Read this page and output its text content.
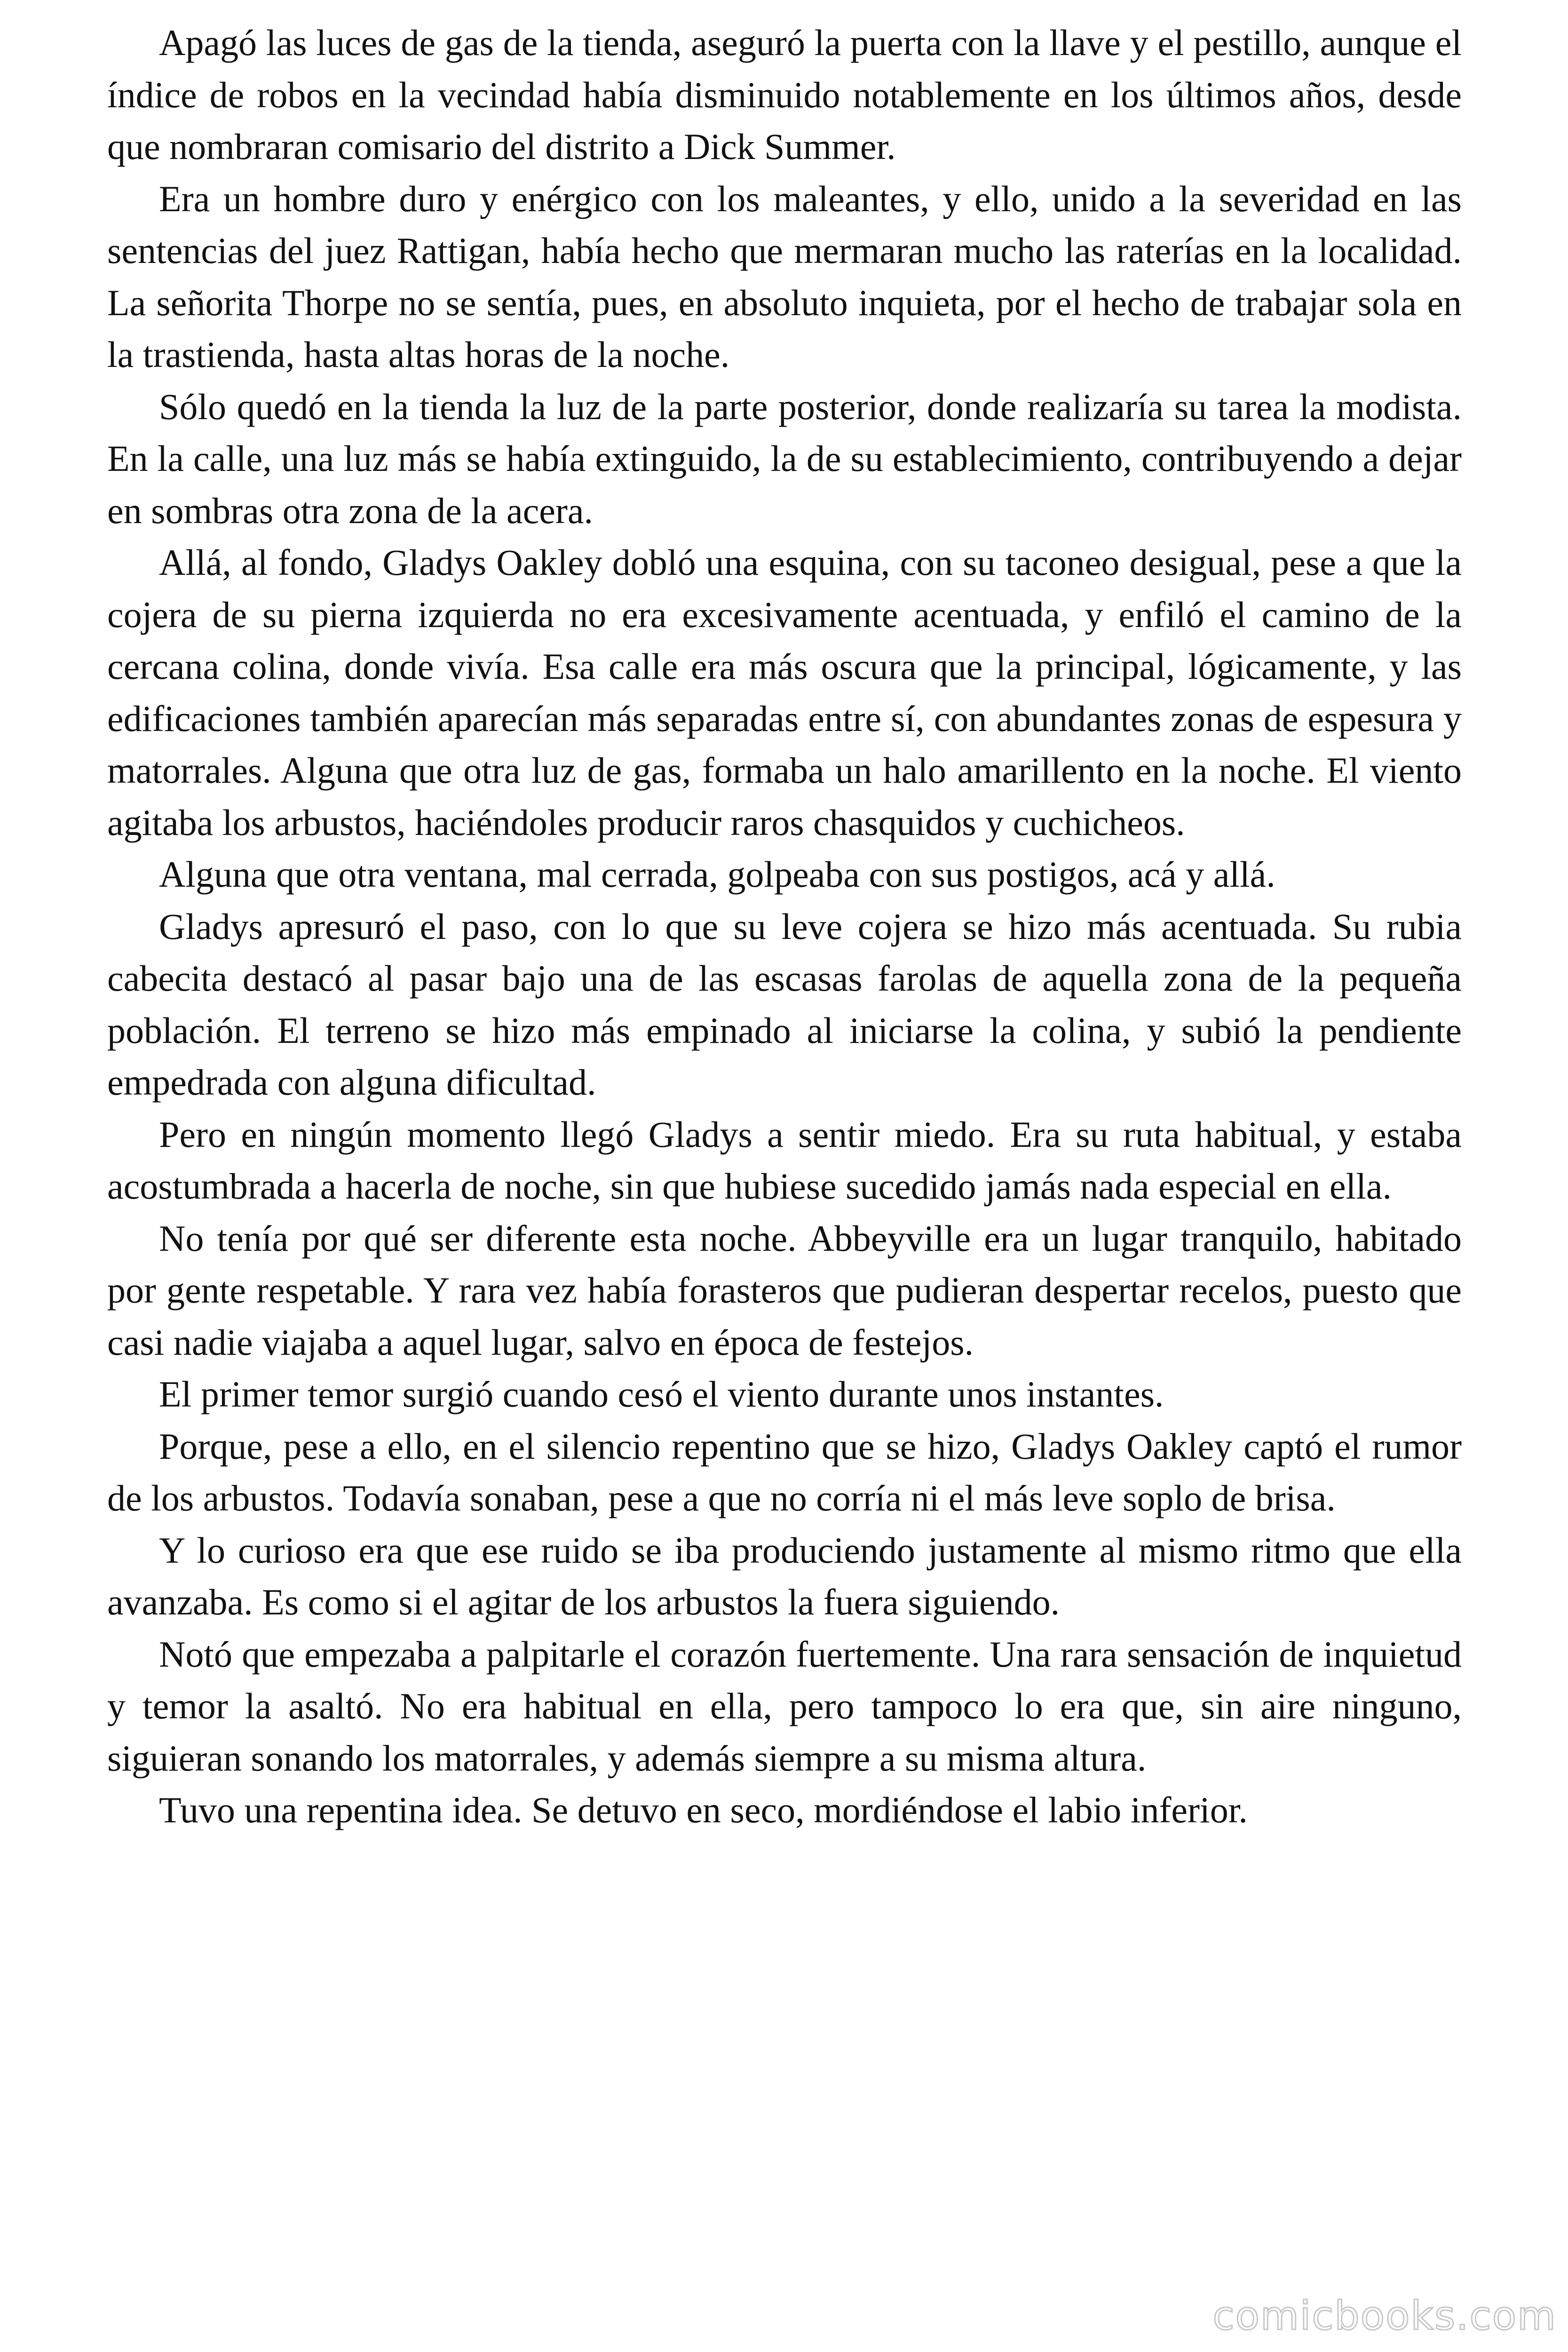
Apagó las luces de gas de la tienda, aseguró la puerta con la llave y el pestillo, aunque el índice de robos en la vecindad había disminuido notablemente en los últimos años, desde que nombraran comisario del distrito a Dick Summer.

Era un hombre duro y enérgico con los maleantes, y ello, unido a la severidad en las sentencias del juez Rattigan, había hecho que mermaran mucho las raterías en la localidad. La señorita Thorpe no se sentía, pues, en absoluto inquieta, por el hecho de trabajar sola en la trastienda, hasta altas horas de la noche.

Sólo quedó en la tienda la luz de la parte posterior, donde realizaría su tarea la modista. En la calle, una luz más se había extinguido, la de su establecimiento, contribuyendo a dejar en sombras otra zona de la acera.

Allá, al fondo, Gladys Oakley dobló una esquina, con su taconeo desigual, pese a que la cojera de su pierna izquierda no era excesivamente acentuada, y enfiló el camino de la cercana colina, donde vivía. Esa calle era más oscura que la principal, lógicamente, y las edificaciones también aparecían más separadas entre sí, con abundantes zonas de espesura y matorrales. Alguna que otra luz de gas, formaba un halo amarillento en la noche. El viento agitaba los arbustos, haciéndoles producir raros chasquidos y cuchicheos.

Alguna que otra ventana, mal cerrada, golpeaba con sus postigos, acá y allá.

Gladys apresuró el paso, con lo que su leve cojera se hizo más acentuada. Su rubia cabecita destacó al pasar bajo una de las escasas farolas de aquella zona de la pequeña población. El terreno se hizo más empinado al iniciarse la colina, y subió la pendiente empedrada con alguna dificultad.

Pero en ningún momento llegó Gladys a sentir miedo. Era su ruta habitual, y estaba acostumbrada a hacerla de noche, sin que hubiese sucedido jamás nada especial en ella.

No tenía por qué ser diferente esta noche. Abbeyville era un lugar tranquilo, habitado por gente respetable. Y rara vez había forasteros que pudieran despertar recelos, puesto que casi nadie viajaba a aquel lugar, salvo en época de festejos.

El primer temor surgió cuando cesó el viento durante unos instantes.

Porque, pese a ello, en el silencio repentino que se hizo, Gladys Oakley captó el rumor de los arbustos. Todavía sonaban, pese a que no corría ni el más leve soplo de brisa.

Y lo curioso era que ese ruido se iba produciendo justamente al mismo ritmo que ella avanzaba. Es como si el agitar de los arbustos la fuera siguiendo.

Notó que empezaba a palpitarle el corazón fuertemente. Una rara sensación de inquietud y temor la asaltó. No era habitual en ella, pero tampoco lo era que, sin aire ninguno, siguieran sonando los matorrales, y además siempre a su misma altura.

Tuvo una repentina idea. Se detuvo en seco, mordiéndose el labio inferior.

comicbooks.com
